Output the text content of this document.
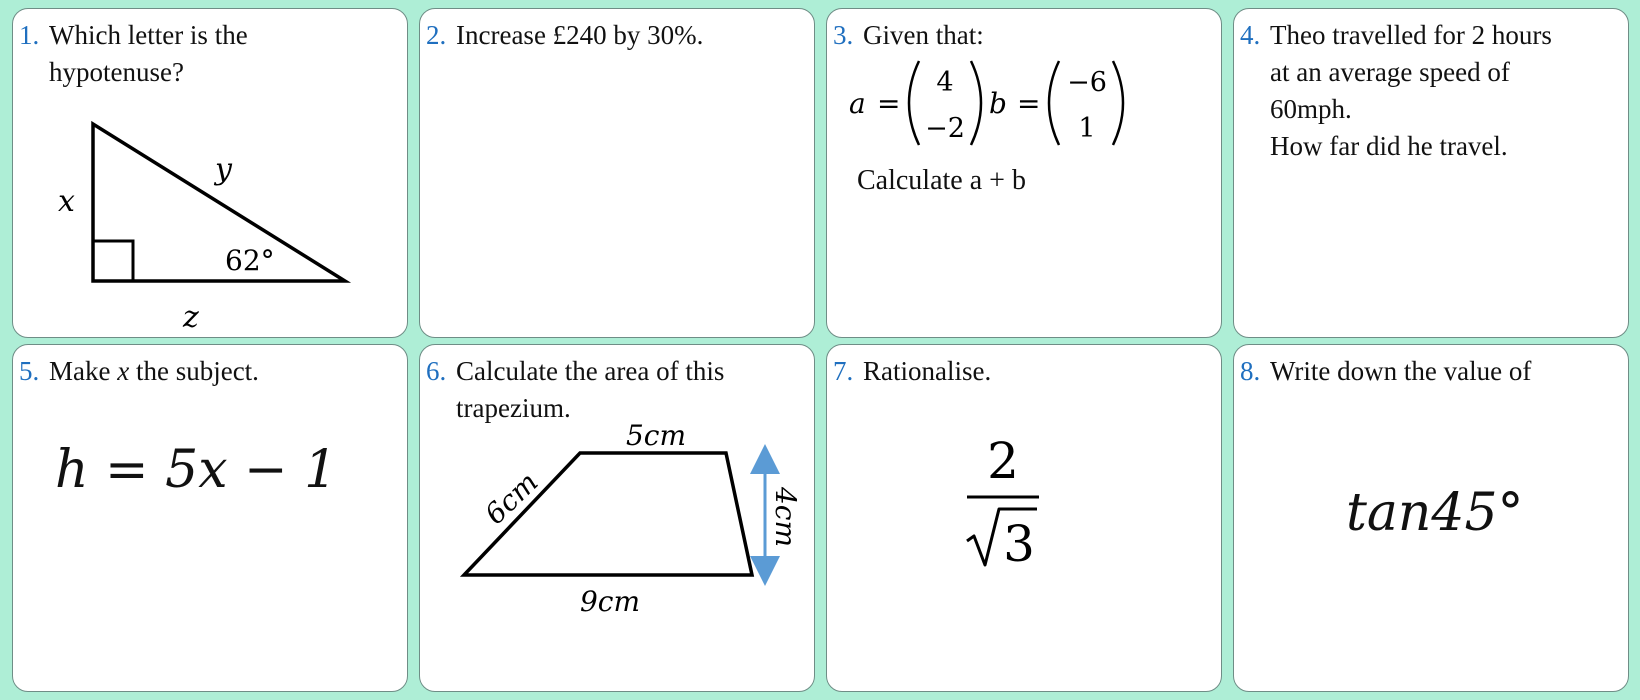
1. Which letter is the
hypotenuse?
x
y
z
62°
2. Increase £240 by 30%.	3. Given that:
a =
4
−2
b =
−6
1
Calculate a + b
4. Theo travelled for 2 hours
at an average speed of
60mph.
How far did he travel.
5. Make x the subject.
h = 5x − 1
6. Calculate the area of this
trapezium.
5cm
9cm
6cm	4cm
7. Rationalise.
2
3
8. Write down the value of
tan45°
